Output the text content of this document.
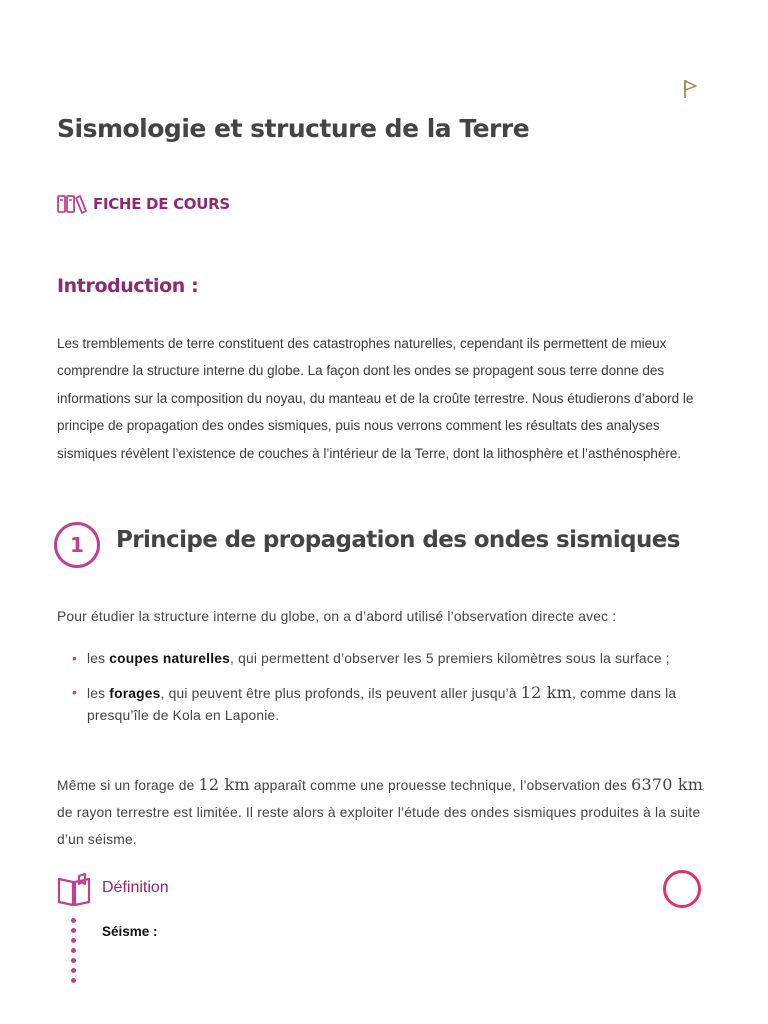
Sismologie et structure de la Terre
FICHE DE COURS
Introduction :

Les tremblements de terre constituent des catastrophes naturelles, cependant ils permettent de mieux comprendre la structure interne du globe. La façon dont les ondes se propagent sous terre donne des informations sur la composition du noyau, du manteau et de la croûte terrestre. Nous étudierons d’abord le principe de propagation des ondes sismiques, puis nous verrons comment les résultats des analyses sismiques révèlent l’existence de couches à l’intérieur de la Terre, dont la lithosphère et l’asthénosphère.

1	Principe de propagation des ondes sismiques

Pour étudier la structure interne du globe, on a d’abord utilisé l’observation directe avec :

• les coupes naturelles, qui permettent d’observer les 5 premiers kilomètres sous la surface ;
• les forages, qui peuvent être plus profonds, ils peuvent aller jusqu’à 12 km, comme dans la presqu’île de Kola en Laponie.

Même si un forage de 12 km apparaît comme une prouesse technique, l’observation des 6370 km de rayon terrestre est limitée. Il reste alors à exploiter l’étude des ondes sismiques produites à la suite d’un séisme.

Définition
Séisme :
